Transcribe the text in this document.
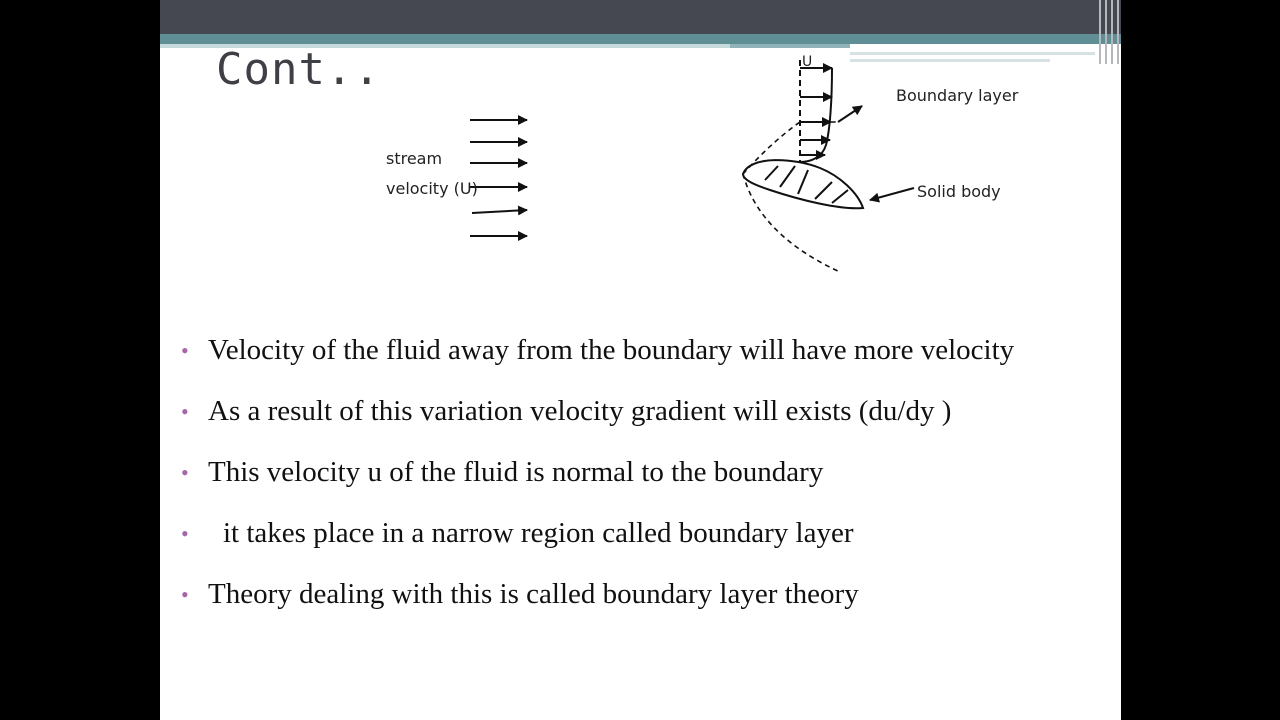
Cont..
stream
velocity (U)
U
Boundary layer
Solid body
• Velocity of the fluid away from the boundary will have more velocity
• As a result of this variation velocity gradient will exists (du/dy )
• This velocity u of the fluid is normal to the boundary
• it takes place in a narrow region called boundary layer
• Theory dealing with this is called boundary layer theory
